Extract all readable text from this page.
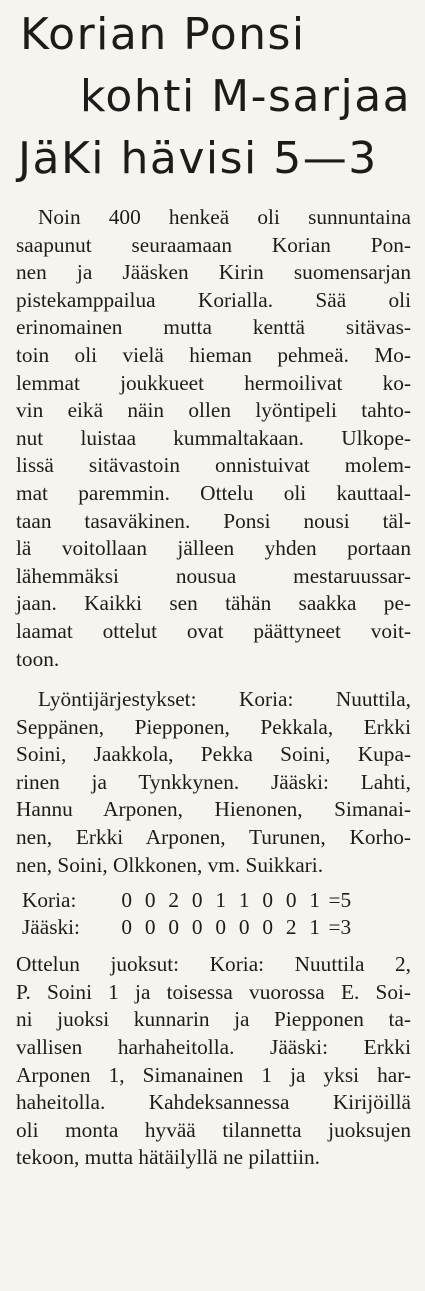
Korian Ponsi
kohti M-sarjaa
JäKi hävisi 5—3

Noin 400 henkeä oli sunnuntaina
saapunut seuraamaan Korian Pon-
nen ja Jääsken Kirin suomensarjan
pistekamppailua Korialla. Sää oli
erinomainen mutta kenttä sitävas-
toin oli vielä hieman pehmeä. Mo-
lemmat joukkueet hermoilivat ko-
vin eikä näin ollen lyöntipeli tahto-
nut luistaa kummaltakaan. Ulkope-
lissä sitävastoin onnistuivat molem-
mat paremmin. Ottelu oli kauttaal-
taan tasaväkinen. Ponsi nousi täl-
lä voitollaan jälleen yhden portaan
lähemmäksi nousua mestaruussar-
jaan. Kaikki sen tähän saakka pe-
laamat ottelut ovat päättyneet voit-
toon.

Lyöntijärjestykset: Koria: Nuuttila,
Seppänen, Piepponen, Pekkala, Erkki
Soini, Jaakkola, Pekka Soini, Kupa-
rinen ja Tynkkynen. Jääski: Lahti,
Hannu Arponen, Hienonen, Simanai-
nen, Erkki Arponen, Turunen, Korho-
nen, Soini, Olkkonen, vm. Suikkari.

Koria:	0 0 2 0 1 1 0 0 1 =5
Jääski:	0 0 0 0 0 0 0 2 1 =3

Ottelun juoksut: Koria: Nuuttila 2,
P. Soini 1 ja toisessa vuorossa E. Soi-
ni juoksi kunnarin ja Piepponen ta-
vallisen harhaheitolla. Jääski: Erkki
Arponen 1, Simanainen 1 ja yksi har-
haheitolla. Kahdeksannessa Kirijöillä
oli monta hyvää tilannetta juoksujen
tekoon, mutta hätäilyllä ne pilattiin.
